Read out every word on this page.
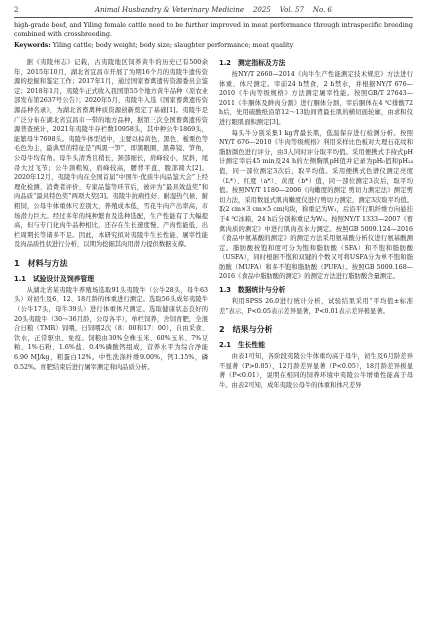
2	Animal Husbandry & Veterinary Medicine 2025 Vol. 57 No. 6
high-grade beef, and Yiling female cattle need to be further improved in meat performance through intraspecific breeding combined with crossbreeding.
Keywords: Yiling cattle; body weight; body size; slaughter performance; meat quality

据《夷陵州志》记载，古夷陵地区饲养黄牛的历史已有500余年，2015年10月，湖北省宜昌市开展了为期16个月的夷陵牛遗传资源的挖掘和鉴定工作；2017年1月，通过国家畜禽遗传资源委员会鉴定；2018年1月，夷陵牛正式收入我国第55个地方黄牛品种（原农业部发布第2637号公告）；2020年5月，夷陵牛入选《国家畜禽遗传资源品种名录》，为湖北省畜禽种质资源创新奠定了基础[1]。夷陵牛是广泛分布在湖北省宜昌市一带的地方品种，据第三次全国畜禽遗传资源普查统计，2021年夷陵牛存栏数10958头，其中种公牛1869头，能繁母牛7698头。夷陵牛体型适中，主要以棕黄色、黑色、栀栗色等毛色为主，最典型的特征是“两黑一笋”，即黑眼圈、黑鼻镜、笋角，公母牛均有角。母牛头清秀且稍长，颈部细长，肩峰较小，尻斜，尾帚大过飞节；公牛颈粗短，肩峰较高，腰背平直，腹部圆大[2]。2020年12月，夷陵牛肉在全国首届“中国牛·优质牛肉品鉴大会”上经理化检测、消费者评价、专家品鉴等环节后，被评为“最具效益奖”和肉品质“最具特色奖”两项大奖[3]。夷陵牛抗病性好、耐湿热气候、耐粗饲，公母牛体重体尺差别大，养殖成本低，雪花牛肉产出率高，市场潜力巨大。经过多年的纯种繁育及选种选配，生产性能有了大幅提高，但与专门化肉牛品种相比，还存在生长速度慢、产肉性能低、出栏周期长等诸多不足。因此，本研究拟对夷陵牛生长性能、屠宰性能及肉品质性状进行分析，以期为挖掘其肉用潜力提供数据支撑。

1　材料与方法
1.1　试验设计及饲养管理

从湖北省某夷陵牛养殖场选取91头夷陵牛（公牛28头，母牛63头）对初生及6、12、18月龄的体重进行测定。选取56头成年夷陵牛（公牛17头，母牛39头）进行体重体尺测定。选取健康状态良好的20头夷陵牛（30～36月龄，公母各半），单栏饲养，舍饲育肥，全混合日粮（TMR）饲喂，日饲喂2次（8：00和17：00），自由采食、饮水，正常驱虫、免疫。饲粮由30%全株玉米、60%玉米、7%豆粕、1%石粉、1.6%盐、0.4%磷酸钙组成，营养水平为综合净能6.90 MJ/kg，粗蛋白12%。中性洗涤纤维9.00%，钙1.15%，磷0.52%。育肥结束后进行屠宰测定和肉品质分析。

1.2　测定指标及方法

按NY/T 2660—2014《肉牛生产性能测定技术规范》方法进行体重、体尺测定。宰前24 h禁食，2 h禁水，并根据NY/T 676—2010《牛肉等级规格》方法测定屠宰性能。按照GB/T 27643—2011《牛胴体及鲜肉分割》进行胴体分割，宰后胴体在4 ℃排酸72 h后，先用硫酸纸沿第12～13肋间背最长肌的横切面轮廓，由求积仪进行眼肌面积测定[3]。

每头牛分别采集1 kg背最长肌，低温保存进行检测分析。按照NY/T 676—2010《牛肉等级规格》利用采样比色板对大理石花纹和脂肪颜色进行评分，由3人同时评分取平均值。采用便携式手持式pH计测定宰后45 min及24 h的左侧胸肌pH值并记录为pH₀值和pH₂₄值，同一部位测定3次后，取平均值。采用便携式色谱仪测定亮度（L*）、红度（a*）、黄度（b*）值，同一部位测定3次后，取平均值。按照NY/T 1180—2006《肉嫩度的测定 剪切力测定法》测定剪切力法，采用数显式肌肉嫩度仪进行剪切力测定，测定3次取平均值。取2 cm×3 cm×5 cm肉块，称重记为W₁，后沿平行肌纤维方向悬挂于4 ℃冰箱，24 h后分别称重记为W₂。按照NY/T 1333—2007《畜禽肉质的测定》中进行肌肉蒸水力测定。按照GB 5009.124—2016《食品中氨基酸的测定》的测定方法采用氨基酸分析仪进行氨基酸测定。脂肪酸按饱和度可分为饱和脂肪酸（SFA）和不饱和脂肪酸（USFA），同时根据不饱和双键的个数又可将USFA分为单不饱和脂肪酸（MUFA）和多不饱和脂肪酸（PUFA）。按照GB 5009.168—2016《食品中脂肪酸的测定》的测定方法进行脂肪酸含量测定。

1.3　数据统计与分析

利用SPSS 26.0进行统计分析，试验结果采用“平均值±标准差”表示，P<0.05表示差异显著，P<0.01表示差异极显著。

2　结果与分析
2.1　生长性能

由表1可知，各阶段夷陵公牛体重均高于母牛，初生及6月龄差异不显著（P>0.05），12月龄差异显著（P<0.05），18月龄差异极显著（P<0.01），说明在相同的饲养环境中夷陵公牛增重性能高于母牛。由表2可知，成年夷陵公母牛的体重和体尺差异
